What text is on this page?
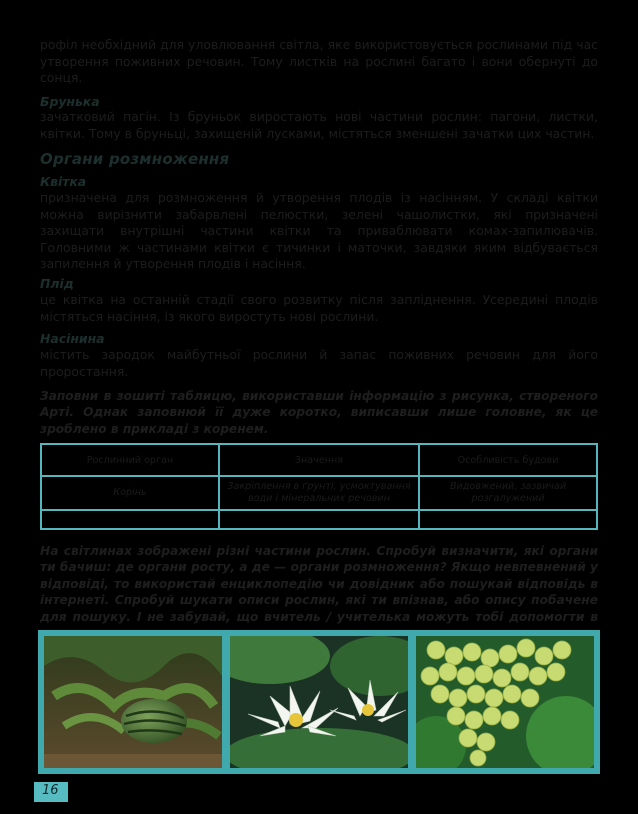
рофіл необхідний для уловлювання світла, яке використовується рослинами під час утворення поживних речовин. Тому листків на рослині багато і вони обернуті до сонця.

Брунька

зачатковий пагін. Із бруньок виростають нові частини рослин: пагони, листки, квітки. Тому в бруньці, захищеній лусками, містяться зменшені зачатки цих частин.

Органи розмноження

Квітка

призначена для розмноження й утворення плодів із насінням. У складі квітки можна вирізнити забарвлені пелюстки, зелені чашолистки, які призначені захищати внутрішні частини квітки та приваблювати комах-запилювачів. Головними ж частинами квітки є тичинки і маточки, завдяки яким відбувається запилення й утворення плодів і насіння.

Плід

це квітка на останній стадії свого розвитку після запліднення. Усередині плодів містяться насіння, із якого виростуть нові рослини.

Насінина

містить зародок майбутньої рослини й запас поживних речовин для його проростання.

Заповни в зошиті таблицю, використавши інформацію з рисунка, створеного Арті. Однак заповнюй її дуже коротко, виписавши лише головне, як це зроблено в прикладі з коренем.

Рослинний орган	Значення	Особливість будови
Корінь	Закріплення в ґрунті, усмоктування води і мінеральних речовин	Видовжений, зазвичай розгалужений

На світлинах зображені різні частини рослин. Спробуй визначити, які органи ти бачиш: де органи росту, а де — органи розмноження? Якщо невпевнений у відповіді, то використай енциклопедію чи довідник або пошукай відповідь в інтернеті. Спробуй шукати описи рослин, які ти впізнав, або опису побачене для пошуку. І не забувай, що вчитель / учителька можуть тобі допомогти в

16
